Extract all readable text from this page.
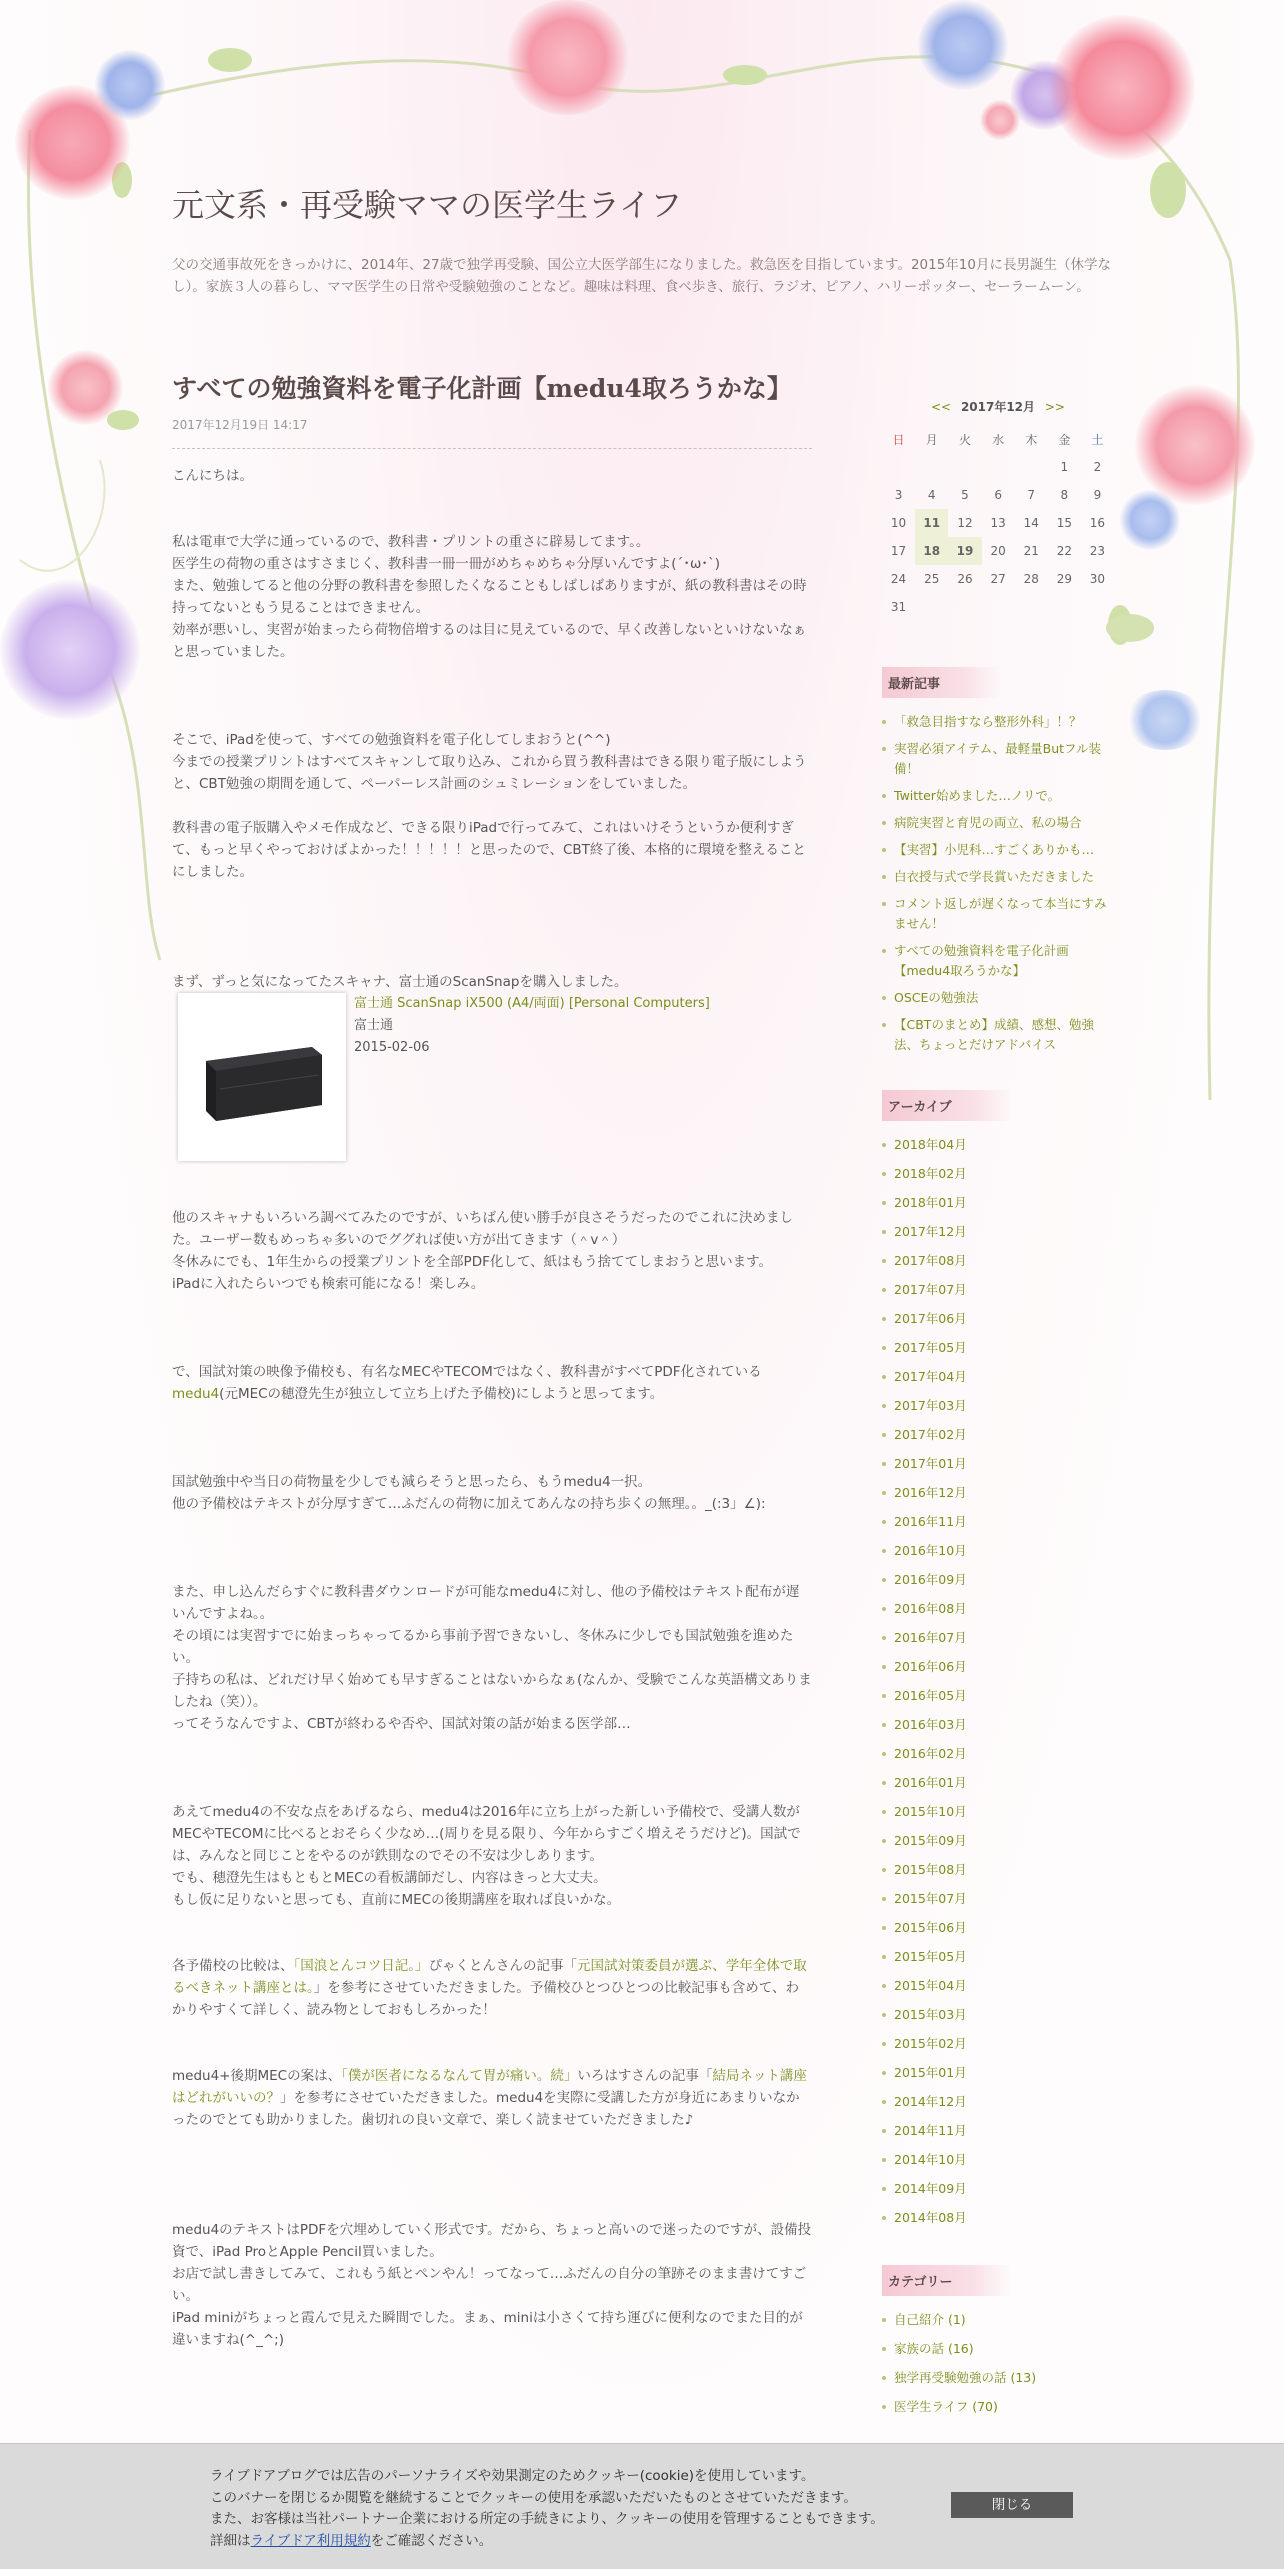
元文系・再受験ママの医学生ライフ
父の交通事故死をきっかけに、2014年、27歳で独学再受験、国公立大医学部生になりました。救急医を目指しています。2015年10月に長男誕生（休学なし）。家族３人の暮らし、ママ医学生の日常や受験勉強のことなど。趣味は料理、食べ歩き、旅行、ラジオ、ピアノ、ハリーポッター、セーラームーン。
すべての勉強資料を電子化計画【medu4取ろうかな】
2017年12月19日 14:17

こんにちは。

私は電車で大学に通っているので、教科書・プリントの重さに辟易してます。。
医学生の荷物の重さはすさまじく、教科書一冊一冊がめちゃめちゃ分厚いんですよ(´･ω･`)
また、勉強してると他の分野の教科書を参照したくなることもしばしばありますが、紙の教科書はその時持ってないともう見ることはできません。
効率が悪いし、実習が始まったら荷物倍増するのは目に見えているので、早く改善しないといけないなぁと思っていました。

そこで、iPadを使って、すべての勉強資料を電子化してしまおうと(^^)
今までの授業プリントはすべてスキャンして取り込み、これから買う教科書はできる限り電子版にしようと、CBT勉強の期間を通して、ペーパーレス計画のシュミレーションをしていました。

教科書の電子版購入やメモ作成など、できる限りiPadで行ってみて、これはいけそうというか便利すぎて、もっと早くやっておけばよかった！！！！！と思ったので、CBT終了後、本格的に環境を整えることにしました。

まず、ずっと気になってたスキャナ、富士通のScanSnapを購入しました。

富士通 ScanSnap iX500 (A4/両面) [Personal Computers]
富士通
2015-02-06

他のスキャナもいろいろ調べてみたのですが、いちばん使い勝手が良さそうだったのでこれに決めました。ユーザー数もめっちゃ多いのでググれば使い方が出てきます（＾v＾）
冬休みにでも、1年生からの授業プリントを全部PDF化して、紙はもう捨ててしまおうと思います。
iPadに入れたらいつでも検索可能になる！楽しみ。

で、国試対策の映像予備校も、有名なMECやTECOMではなく、教科書がすべてPDF化されているmedu4(元MECの穂澄先生が独立して立ち上げた予備校)にしようと思ってます。

国試勉強中や当日の荷物量を少しでも減らそうと思ったら、もうmedu4一択。
他の予備校はテキストが分厚すぎて…ふだんの荷物に加えてあんなの持ち歩くの無理。。_(:3」∠):

また、申し込んだらすぐに教科書ダウンロードが可能なmedu4に対し、他の予備校はテキスト配布が遅いんですよね。。
その頃には実習すでに始まっちゃってるから事前予習できないし、冬休みに少しでも国試勉強を進めたい。
子持ちの私は、どれだけ早く始めても早すぎることはないからなぁ(なんか、受験でこんな英語構文ありましたね（笑））。
ってそうなんですよ、CBTが終わるや否や、国試対策の話が始まる医学部…

あえてmedu4の不安な点をあげるなら、medu4は2016年に立ち上がった新しい予備校で、受講人数がMECやTECOMに比べるとおそらく少なめ…(周りを見る限り、今年からすごく増えそうだけど)。国試では、みんなと同じことをやるのが鉄則なのでその不安は少しあります。
でも、穂澄先生はもともとMECの看板講師だし、内容はきっと大丈夫。
もし仮に足りないと思っても、直前にMECの後期講座を取れば良いかな。

各予備校の比較は、「国浪とんコツ日記。」ぴゃくとんさんの記事「元国試対策委員が選ぶ、学年全体で取るべきネット講座とは。」を参考にさせていただきました。予備校ひとつひとつの比較記事も含めて、わかりやすくて詳しく、読み物としておもしろかった！

medu4+後期MECの案は、「僕が医者になるなんて胃が痛い。続」いろはすさんの記事「結局ネット講座はどれがいいの？」を参考にさせていただきました。medu4を実際に受講した方が身近にあまりいなかったのでとても助かりました。歯切れの良い文章で、楽しく読ませていただきました♪

medu4のテキストはPDFを穴埋めしていく形式です。だから、ちょっと高いので迷ったのですが、設備投資で、iPad ProとApple Pencil買いました。
お店で試し書きしてみて、これもう紙とペンやん！ってなって…ふだんの自分の筆跡そのまま書けてすごい。
iPad miniがちょっと霞んで見えた瞬間でした。まぁ、miniは小さくて持ち運びに便利なのでまた目的が違いますね(^_^;)

<< 2017年12月 >>
日	月	火	水	木	金	土
					1	2
3	4	5	6	7	8	9
10	11	12	13	14	15	16
17	18	19	20	21	22	23
24	25	26	27	28	29	30
31						
最新記事
「救急目指すなら整形外科」！？
実習必須アイテム、最軽量Butフル装備！
Twitter始めました…ノリで。
病院実習と育児の両立、私の場合
【実習】小児科…すごくありかも…
白衣授与式で学長賞いただきました
コメント返しが遅くなって本当にすみません！
すべての勉強資料を電子化計画【medu4取ろうかな】
OSCEの勉強法
【CBTのまとめ】成績、感想、勉強法、ちょっとだけアドバイス
アーカイブ
2018年04月
2018年02月
2018年01月
2017年12月
2017年08月
2017年07月
2017年06月
2017年05月
2017年04月
2017年03月
2017年02月
2017年01月
2016年12月
2016年11月
2016年10月
2016年09月
2016年08月
2016年07月
2016年06月
2016年05月
2016年03月
2016年02月
2016年01月
2015年10月
2015年09月
2015年08月
2015年07月
2015年06月
2015年05月
2015年04月
2015年03月
2015年02月
2015年01月
2014年12月
2014年11月
2014年10月
2014年09月
2014年08月
カテゴリー
自己紹介 (1)
家族の話 (16)
独学再受験勉強の話 (13)
医学生ライフ (70)
ライブドアブログでは広告のパーソナライズや効果測定のためクッキー(cookie)を使用しています。
このバナーを閉じるか閲覧を継続することでクッキーの使用を承認いただいたものとさせていただきます。
また、お客様は当社パートナー企業における所定の手続きにより、クッキーの使用を管理することもできます。
詳細はライブドア利用規約をご確認ください。
閉じる
